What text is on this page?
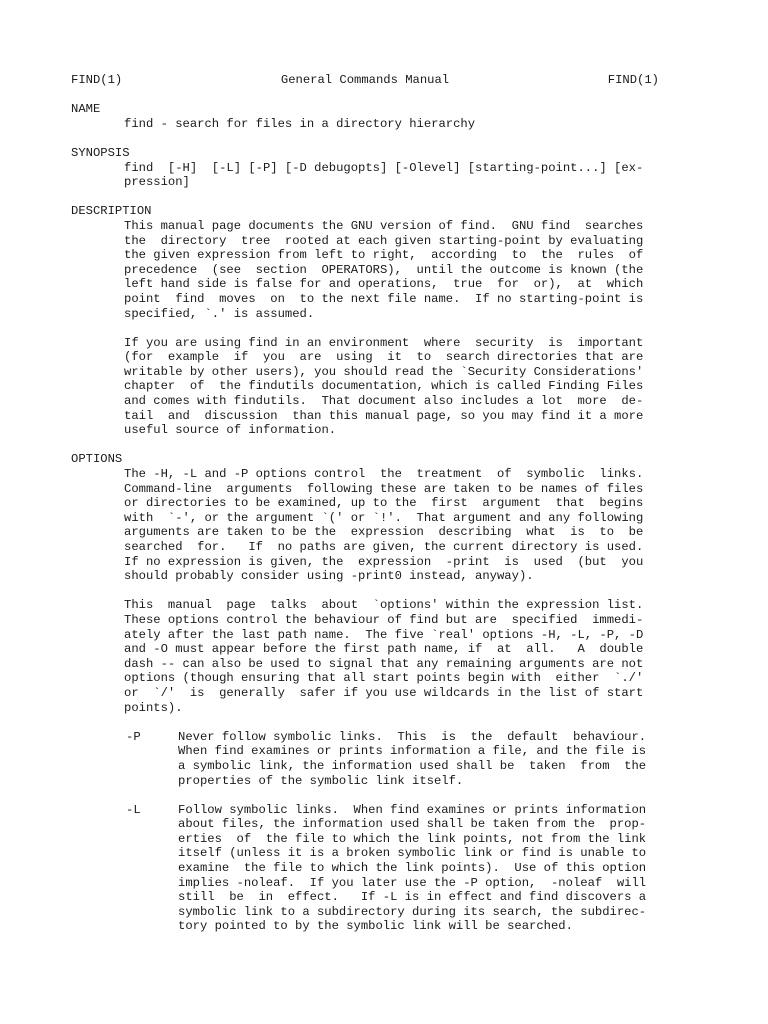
FIND(1)	General Commands Manual	FIND(1)
NAME
find - search for files in a directory hierarchy
SYNOPSIS
find  [-H]  [-L] [-P] [-D debugopts] [-Olevel] [starting-point...] [ex-
pression]
DESCRIPTION
This manual page documents the GNU version of find.  GNU find  searches
the  directory  tree  rooted at each given starting-point by evaluating
the given expression from left to right,  according  to  the  rules  of
precedence  (see  section  OPERATORS),  until the outcome is known (the
left hand side is false for and operations,  true  for  or),  at  which
point  find  moves  on  to the next file name.  If no starting-point is
specified, `.' is assumed.
If you are using find in an environment  where  security  is  important
(for  example  if  you  are  using  it  to  search directories that are
writable by other users), you should read the `Security Considerations'
chapter  of  the findutils documentation, which is called Finding Files
and comes with findutils.  That document also includes a lot  more  de-
tail  and  discussion  than this manual page, so you may find it a more
useful source of information.
OPTIONS
The -H, -L and -P options control  the  treatment  of  symbolic  links.
Command-line  arguments  following these are taken to be names of files
or directories to be examined, up to the  first  argument  that  begins
with  `-', or the argument `(' or `!'.  That argument and any following
arguments are taken to be the  expression  describing  what  is  to  be
searched  for.   If  no paths are given, the current directory is used.
If no expression is given, the  expression  -print  is  used  (but  you
should probably consider using -print0 instead, anyway).
This  manual  page  talks  about  `options' within the expression list.
These options control the behaviour of find but are  specified  immedi-
ately after the last path name.  The five `real' options -H, -L, -P, -D
and -O must appear before the first path name, if  at  all.   A  double
dash -- can also be used to signal that any remaining arguments are not
options (though ensuring that all start points begin with  either  `./'
or  `/'  is  generally  safer if you use wildcards in the list of start
points).
-P	Never follow symbolic links.  This  is  the  default  behaviour.
When find examines or prints information a file, and the file is
a symbolic link, the information used shall be  taken  from  the
properties of the symbolic link itself.
-L	Follow symbolic links.  When find examines or prints information
about files, the information used shall be taken from the  prop-
erties  of  the file to which the link points, not from the link
itself (unless it is a broken symbolic link or find is unable to
examine  the file to which the link points).  Use of this option
implies -noleaf.  If you later use the -P option,  -noleaf  will
still  be  in  effect.   If -L is in effect and find discovers a
symbolic link to a subdirectory during its search, the subdirec-
tory pointed to by the symbolic link will be searched.
